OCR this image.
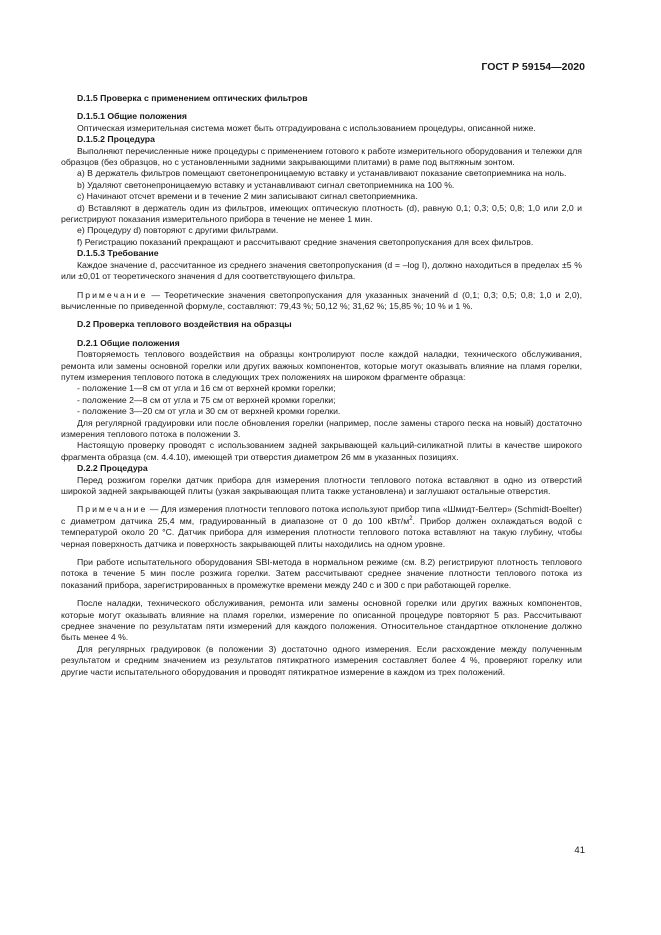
ГОСТ Р 59154—2020

D.1.5 Проверка с применением оптических фильтров

D.1.5.1 Общие положения

Оптическая измерительная система может быть отградуирована с использованием процедуры, описанной ниже.

D.1.5.2 Процедура

Выполняют перечисленные ниже процедуры с применением готового к работе измерительного оборудования и тележки для образцов (без образцов, но с установленными задними закрывающими плитами) в раме под вытяжным зонтом.

а) В держатель фильтров помещают светонепроницаемую вставку и устанавливают показание светоприемника на ноль.

b) Удаляют светонепроницаемую вставку и устанавливают сигнал светоприемника на 100 %.

с) Начинают отсчет времени и в течение 2 мин записывают сигнал светоприемника.

d) Вставляют в держатель один из фильтров, имеющих оптическую плотность (d), равную 0,1; 0,3; 0,5; 0,8; 1,0 или 2,0 и регистрируют показания измерительного прибора в течение не менее 1 мин.

е) Процедуру d) повторяют с другими фильтрами.

f) Регистрацию показаний прекращают и рассчитывают средние значения светопропускания для всех фильтров.

D.1.5.3 Требование

Каждое значение d, рассчитанное из среднего значения светопропускания (d = –log I), должно находиться в пределах ±5 % или ±0,01 от теоретического значения d для соответствующего фильтра.

Примечание — Теоретические значения светопропускания для указанных значений d (0,1; 0,3; 0,5; 0,8; 1,0 и 2,0), вычисленные по приведенной формуле, составляют: 79,43 %; 50,12 %; 31,62 %; 15,85 %; 10 % и 1 %.

D.2 Проверка теплового воздействия на образцы

D.2.1 Общие положения

Повторяемость теплового воздействия на образцы контролируют после каждой наладки, технического обслуживания, ремонта или замены основной горелки или других важных компонентов, которые могут оказывать влияние на пламя горелки, путем измерения теплового потока в следующих трех положениях на широком фрагменте образца:

- положение 1—8 см от угла и 16 см от верхней кромки горелки;

- положение 2—8 см от угла и 75 см от верхней кромки горелки;

- положение 3—20 см от угла и 30 см от верхней кромки горелки.

Для регулярной градуировки или после обновления горелки (например, после замены старого песка на новый) достаточно измерения теплового потока в положении 3.

Настоящую проверку проводят с использованием задней закрывающей кальций-силикатной плиты в качестве широкого фрагмента образца (см. 4.4.10), имеющей три отверстия диаметром 26 мм в указанных позициях.

D.2.2 Процедура

Перед розжигом горелки датчик прибора для измерения плотности теплового потока вставляют в одно из отверстий широкой задней закрывающей плиты (узкая закрывающая плита также установлена) и заглушают остальные отверстия.

Примечание — Для измерения плотности теплового потока используют прибор типа «Шмидт-Белтер» (Schmidt-Boelter) с диаметром датчика 25,4 мм, градуированный в диапазоне от 0 до 100 кВт/$м^2$. Прибор должен охлаждаться водой с температурой около 20 °С. Датчик прибора для измерения плотности теплового потока вставляют на такую глубину, чтобы черная поверхность датчика и поверхность закрывающей плиты находились на одном уровне.

При работе испытательного оборудования SBI-метода в нормальном режиме (см. 8.2) регистрируют плотность теплового потока в течение 5 мин после розжига горелки. Затем рассчитывают среднее значение плотности теплового потока из показаний прибора, зарегистрированных в промежутке времени между 240 с и 300 с при работающей горелке.

После наладки, технического обслуживания, ремонта или замены основной горелки или других важных компонентов, которые могут оказывать влияние на пламя горелки, измерение по описанной процедуре повторяют 5 раз. Рассчитывают среднее значение по результатам пяти измерений для каждого положения. Относительное стандартное отклонение должно быть менее 4 %.

Для регулярных градуировок (в положении 3) достаточно одного измерения. Если расхождение между полученным результатом и средним значением из результатов пятикратного измерения составляет более 4 %, проверяют горелку или другие части испытательного оборудования и проводят пятикратное измерение в каждом из трех положений.

41
